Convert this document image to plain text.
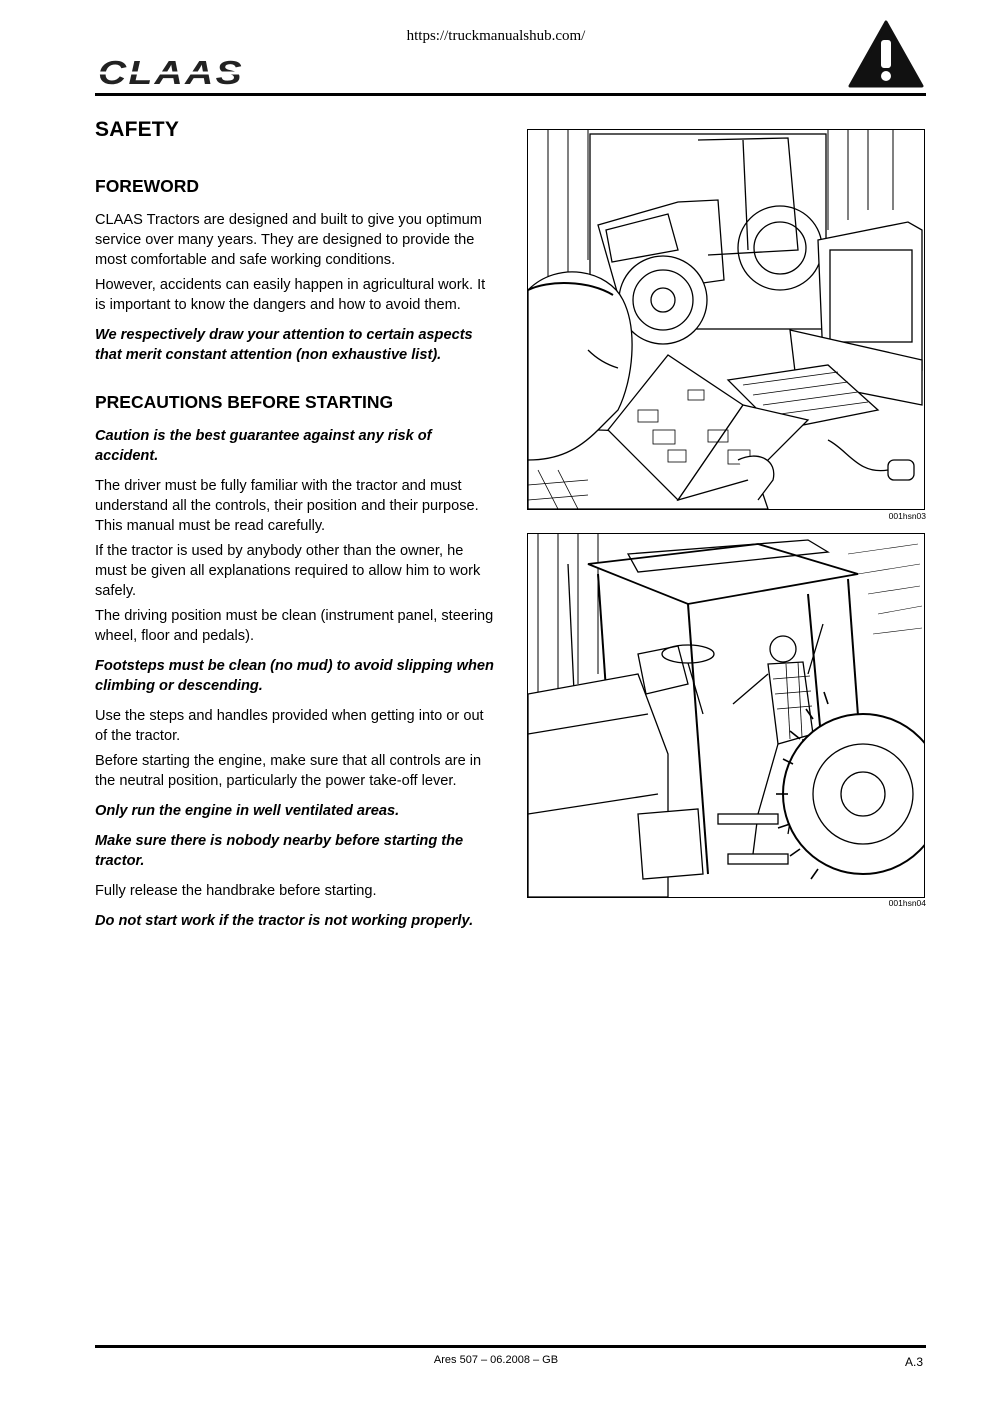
https://truckmanualshub.com/
CLAAS
SAFETY
FOREWORD

CLAAS Tractors are designed and built to give you optimum service over many years. They are designed to provide the most comfortable and safe working conditions.

However, accidents can easily happen in agricultural work. It is important to know the dangers and how to avoid them.

We respectively draw your attention to certain aspects that merit constant attention (non exhaustive list).

PRECAUTIONS BEFORE STARTING

Caution is the best guarantee against any risk of accident.

The driver must be fully familiar with the tractor and must understand all the controls, their position and their purpose. This manual must be read carefully.

If the tractor is used by anybody other than the owner, he must be given all explanations required to allow him to work safely.

The driving position must be clean (instrument panel, steering wheel, floor and pedals).

Footsteps must be clean (no mud) to avoid slipping when climbing or descending.

Use the steps and handles provided when getting into or out of the tractor.

Before starting the engine, make sure that all controls are in the neutral position, particularly the power take-off lever.

Only run the engine in well ventilated areas.

Make sure there is nobody nearby before starting the tractor.

Fully release the handbrake before starting.

Do not start work if the tractor is not working properly.

001hsn03
001hsn04
Ares 507 – 06.2008 – GB	A.3
